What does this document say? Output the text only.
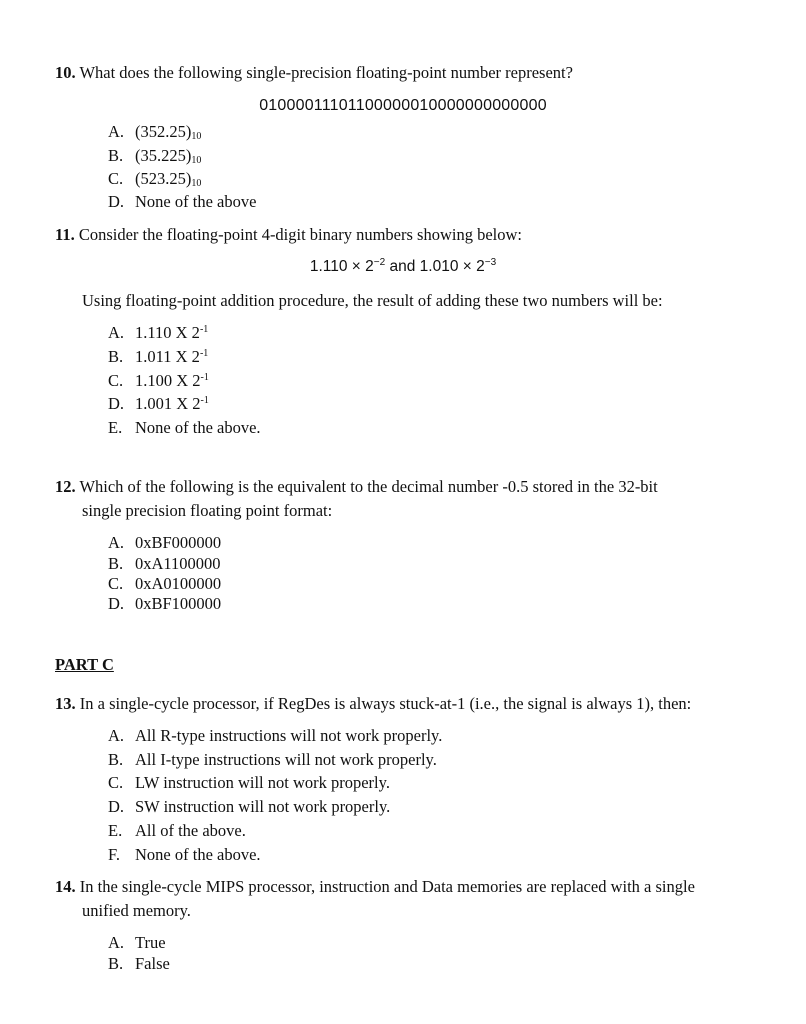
10. What does the following single-precision floating-point number represent?
01000011101100000010000000000000
A. $(352.25)_{10}$
B. $(35.225)_{10}$
C. $(523.25)_{10}$
D. None of the above
11. Consider the floating-point 4-digit binary numbers showing below:
$1.110 \times 2^{-2}$ and $1.010 \times 2^{-3}$
Using floating-point addition procedure, the result of adding these two numbers will be:
A. 1.110 X $2^{-1}$
B. 1.011 X $2^{-1}$
C. 1.100 X $2^{-1}$
D. 1.001 X $2^{-1}$
E. None of the above.
12. Which of the following is the equivalent to the decimal number -0.5 stored in the 32-bit
single precision floating point format:
A. 0xBF000000
B. 0xA1100000
C. 0xA0100000
D. 0xBF100000
PART C
13. In a single-cycle processor, if RegDes is always stuck-at-1 (i.e., the signal is always 1), then:
A. All R-type instructions will not work properly.
B. All I-type instructions will not work properly.
C. LW instruction will not work properly.
D. SW instruction will not work properly.
E. All of the above.
F. None of the above.
14. In the single-cycle MIPS processor, instruction and Data memories are replaced with a single
unified memory.
A. True
B. False
